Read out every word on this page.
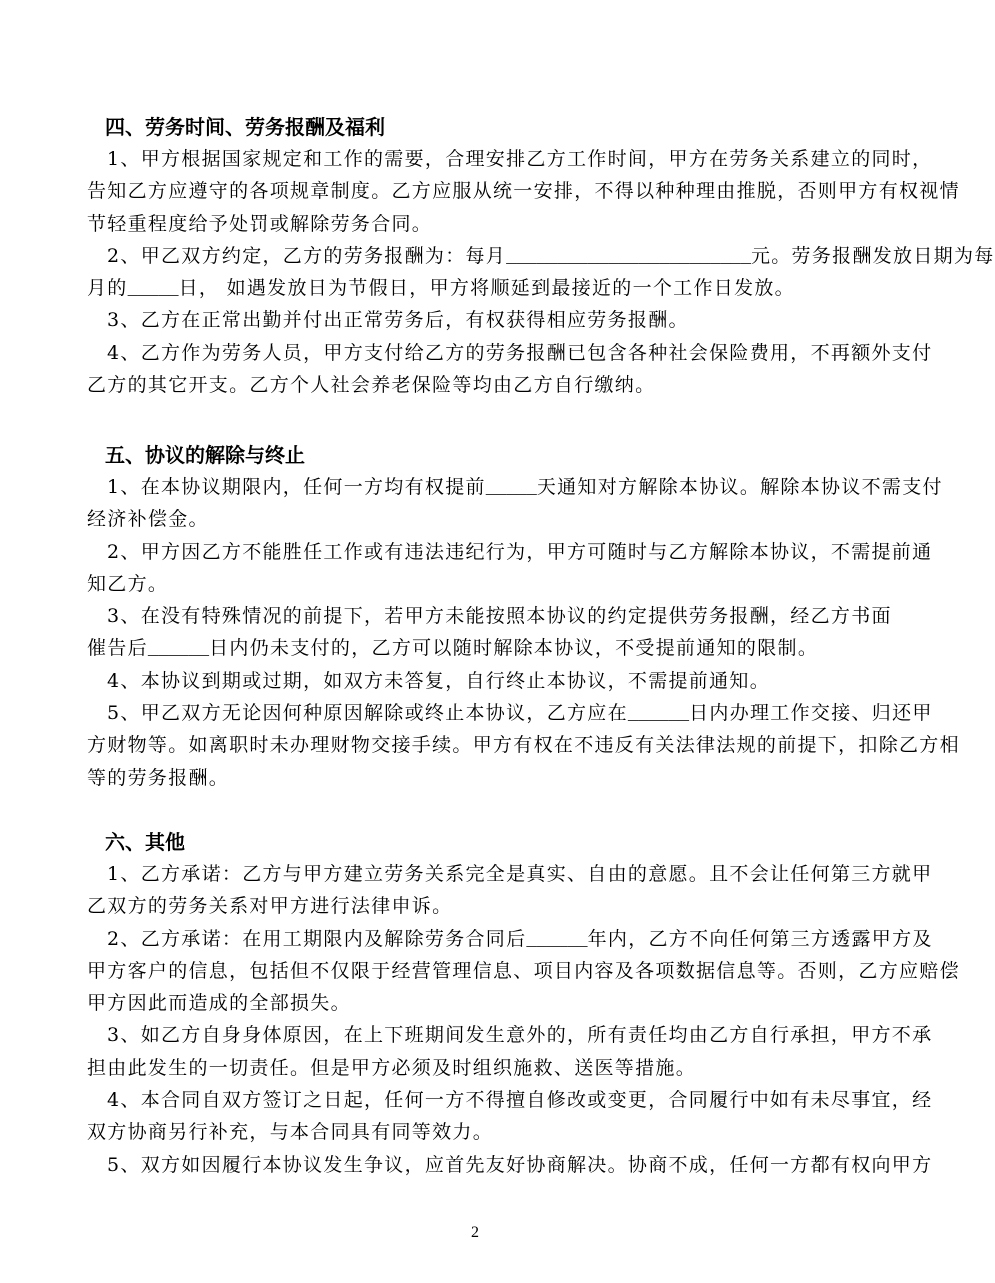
四、劳务时间、劳务报酬及福利
1、甲方根据国家规定和工作的需要，合理安排乙方工作时间，甲方在劳务关系建立的同时，
告知乙方应遵守的各项规章制度。乙方应服从统一安排，不得以种种理由推脱，否则甲方有权视情
节轻重程度给予处罚或解除劳务合同。
2、甲乙双方约定，乙方的劳务报酬为：每月________________________元。劳务报酬发放日期为每
月的_____日， 如遇发放日为节假日，甲方将顺延到最接近的一个工作日发放。
3、乙方在正常出勤并付出正常劳务后，有权获得相应劳务报酬。
4、乙方作为劳务人员，甲方支付给乙方的劳务报酬已包含各种社会保险费用，不再额外支付
乙方的其它开支。乙方个人社会养老保险等均由乙方自行缴纳。
五、协议的解除与终止
1、在本协议期限内，任何一方均有权提前_____天通知对方解除本协议。解除本协议不需支付
经济补偿金。
2、甲方因乙方不能胜任工作或有违法违纪行为，甲方可随时与乙方解除本协议，不需提前通
知乙方。
3、在没有特殊情况的前提下，若甲方未能按照本协议的约定提供劳务报酬，经乙方书面
催告后______日内仍未支付的，乙方可以随时解除本协议，不受提前通知的限制。
4、本协议到期或过期，如双方未答复，自行终止本协议，不需提前通知。
5、甲乙双方无论因何种原因解除或终止本协议，乙方应在______日内办理工作交接、归还甲
方财物等。如离职时未办理财物交接手续。甲方有权在不违反有关法律法规的前提下，扣除乙方相
等的劳务报酬。
六、其他
1、乙方承诺：乙方与甲方建立劳务关系完全是真实、自由的意愿。且不会让任何第三方就甲
乙双方的劳务关系对甲方进行法律申诉。
2、乙方承诺：在用工期限内及解除劳务合同后______年内，乙方不向任何第三方透露甲方及
甲方客户的信息，包括但不仅限于经营管理信息、项目内容及各项数据信息等。否则，乙方应赔偿
甲方因此而造成的全部损失。
3、如乙方自身身体原因，在上下班期间发生意外的，所有责任均由乙方自行承担，甲方不承
担由此发生的一切责任。但是甲方必须及时组织施救、送医等措施。
4、本合同自双方签订之日起，任何一方不得擅自修改或变更，合同履行中如有未尽事宜，经
双方协商另行补充，与本合同具有同等效力。
5、双方如因履行本协议发生争议，应首先友好协商解决。协商不成，任何一方都有权向甲方
2
